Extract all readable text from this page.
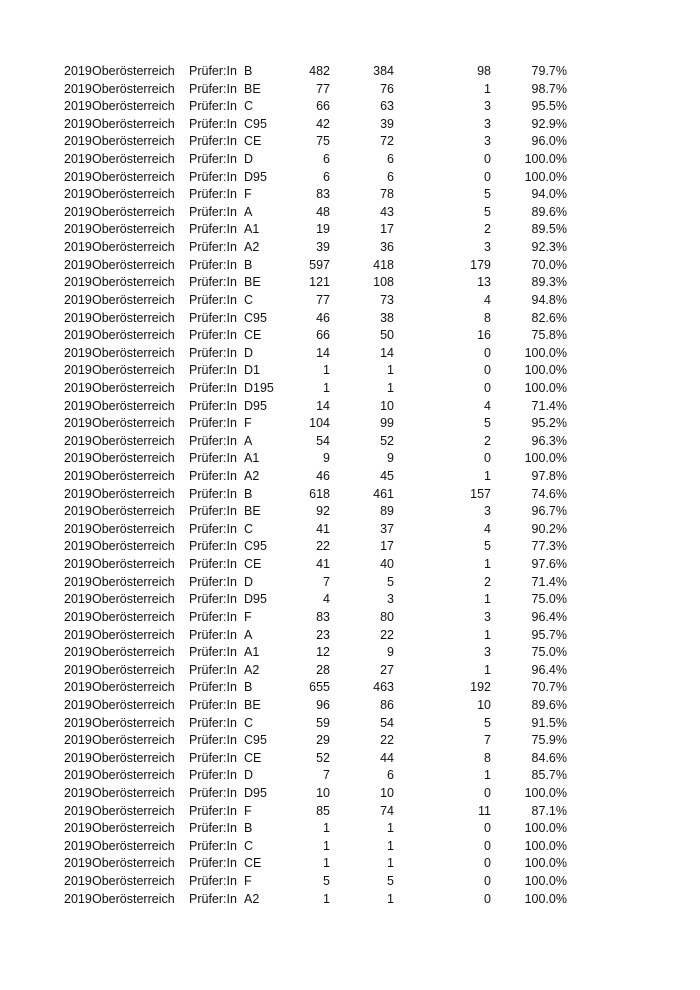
2019 Oberösterreich Prüfer:In B	482	384	98	79.7%
2019 Oberösterreich Prüfer:In BE	77	76	1	98.7%
2019 Oberösterreich Prüfer:In C	66	63	3	95.5%
2019 Oberösterreich Prüfer:In C95	42	39	3	92.9%
2019 Oberösterreich Prüfer:In CE	75	72	3	96.0%
2019 Oberösterreich Prüfer:In D	6	6	0	100.0%
2019 Oberösterreich Prüfer:In D95	6	6	0	100.0%
2019 Oberösterreich Prüfer:In F	83	78	5	94.0%
2019 Oberösterreich Prüfer:In A	48	43	5	89.6%
2019 Oberösterreich Prüfer:In A1	19	17	2	89.5%
2019 Oberösterreich Prüfer:In A2	39	36	3	92.3%
2019 Oberösterreich Prüfer:In B	597	418	179	70.0%
2019 Oberösterreich Prüfer:In BE	121	108	13	89.3%
2019 Oberösterreich Prüfer:In C	77	73	4	94.8%
2019 Oberösterreich Prüfer:In C95	46	38	8	82.6%
2019 Oberösterreich Prüfer:In CE	66	50	16	75.8%
2019 Oberösterreich Prüfer:In D	14	14	0	100.0%
2019 Oberösterreich Prüfer:In D1	1	1	0	100.0%
2019 Oberösterreich Prüfer:In D195	1	1	0	100.0%
2019 Oberösterreich Prüfer:In D95	14	10	4	71.4%
2019 Oberösterreich Prüfer:In F	104	99	5	95.2%
2019 Oberösterreich Prüfer:In A	54	52	2	96.3%
2019 Oberösterreich Prüfer:In A1	9	9	0	100.0%
2019 Oberösterreich Prüfer:In A2	46	45	1	97.8%
2019 Oberösterreich Prüfer:In B	618	461	157	74.6%
2019 Oberösterreich Prüfer:In BE	92	89	3	96.7%
2019 Oberösterreich Prüfer:In C	41	37	4	90.2%
2019 Oberösterreich Prüfer:In C95	22	17	5	77.3%
2019 Oberösterreich Prüfer:In CE	41	40	1	97.6%
2019 Oberösterreich Prüfer:In D	7	5	2	71.4%
2019 Oberösterreich Prüfer:In D95	4	3	1	75.0%
2019 Oberösterreich Prüfer:In F	83	80	3	96.4%
2019 Oberösterreich Prüfer:In A	23	22	1	95.7%
2019 Oberösterreich Prüfer:In A1	12	9	3	75.0%
2019 Oberösterreich Prüfer:In A2	28	27	1	96.4%
2019 Oberösterreich Prüfer:In B	655	463	192	70.7%
2019 Oberösterreich Prüfer:In BE	96	86	10	89.6%
2019 Oberösterreich Prüfer:In C	59	54	5	91.5%
2019 Oberösterreich Prüfer:In C95	29	22	7	75.9%
2019 Oberösterreich Prüfer:In CE	52	44	8	84.6%
2019 Oberösterreich Prüfer:In D	7	6	1	85.7%
2019 Oberösterreich Prüfer:In D95	10	10	0	100.0%
2019 Oberösterreich Prüfer:In F	85	74	11	87.1%
2019 Oberösterreich Prüfer:In B	1	1	0	100.0%
2019 Oberösterreich Prüfer:In C	1	1	0	100.0%
2019 Oberösterreich Prüfer:In CE	1	1	0	100.0%
2019 Oberösterreich Prüfer:In F	5	5	0	100.0%
2019 Oberösterreich Prüfer:In A2	1	1	0	100.0%
